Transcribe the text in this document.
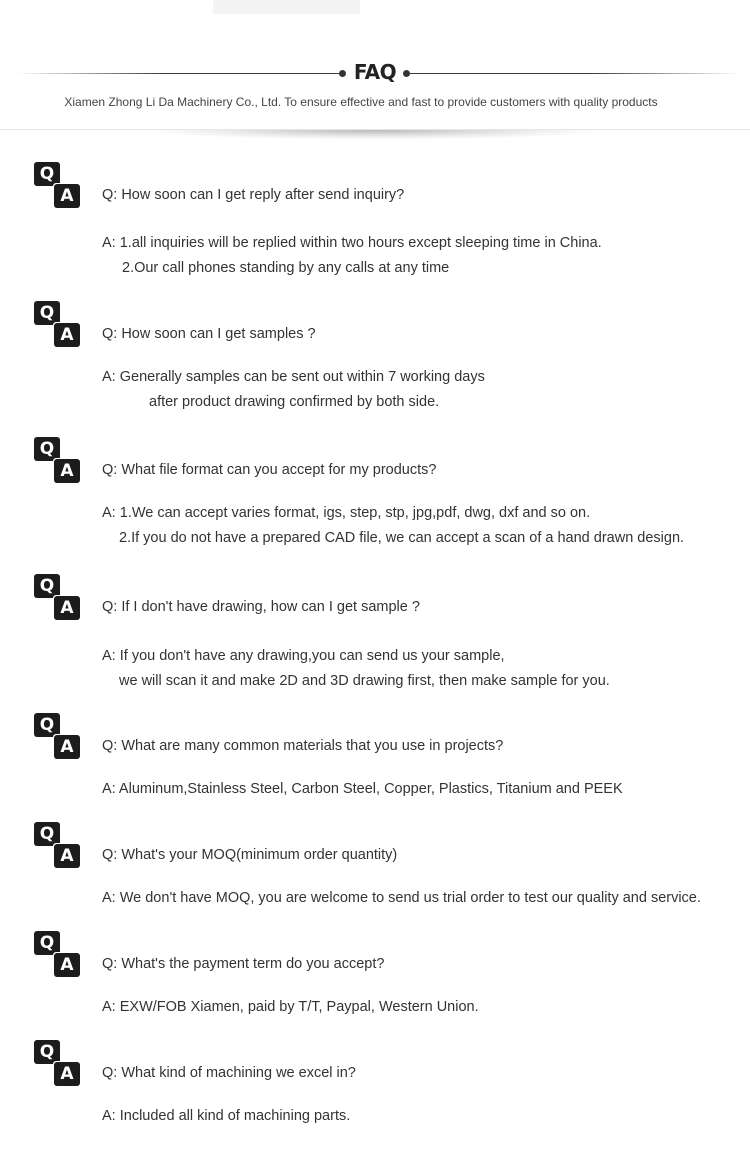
FAQ
Xiamen Zhong Li Da Machinery Co., Ltd. To ensure effective and fast to provide customers with quality products
Q
A	Q: How soon can I get reply after send inquiry?
A: 1.all inquiries will be replied within two hours except sleeping time in China.
2.Our call phones standing by any calls at any time
Q
A	Q: How soon can I get samples ?
A: Generally samples can be sent out within 7 working days
after product drawing confirmed by both side.
Q
A	Q: What file format can you accept for my products?
A: 1.We can accept varies format, igs, step, stp, jpg,pdf, dwg, dxf and so on.
2.If you do not have a prepared CAD file, we can accept a scan of a hand drawn design.
Q
A	Q: If I don't have drawing, how can I get sample ?
A: If you don't have any drawing,you can send us your sample,
we will scan it and make 2D and 3D drawing first, then make sample for you.
Q
A	Q: What are many common materials that you use in projects?
A: Aluminum,Stainless Steel, Carbon Steel, Copper, Plastics, Titanium and PEEK
Q
A	Q: What's your MOQ(minimum order quantity)
A: We don't have MOQ, you are welcome to send us trial order to test our quality and service.
Q
A	Q: What's the payment term do you accept?
A: EXW/FOB Xiamen, paid by T/T, Paypal, Western Union.
Q
A	Q: What kind of machining we excel in?
A: Included all kind of machining parts.
